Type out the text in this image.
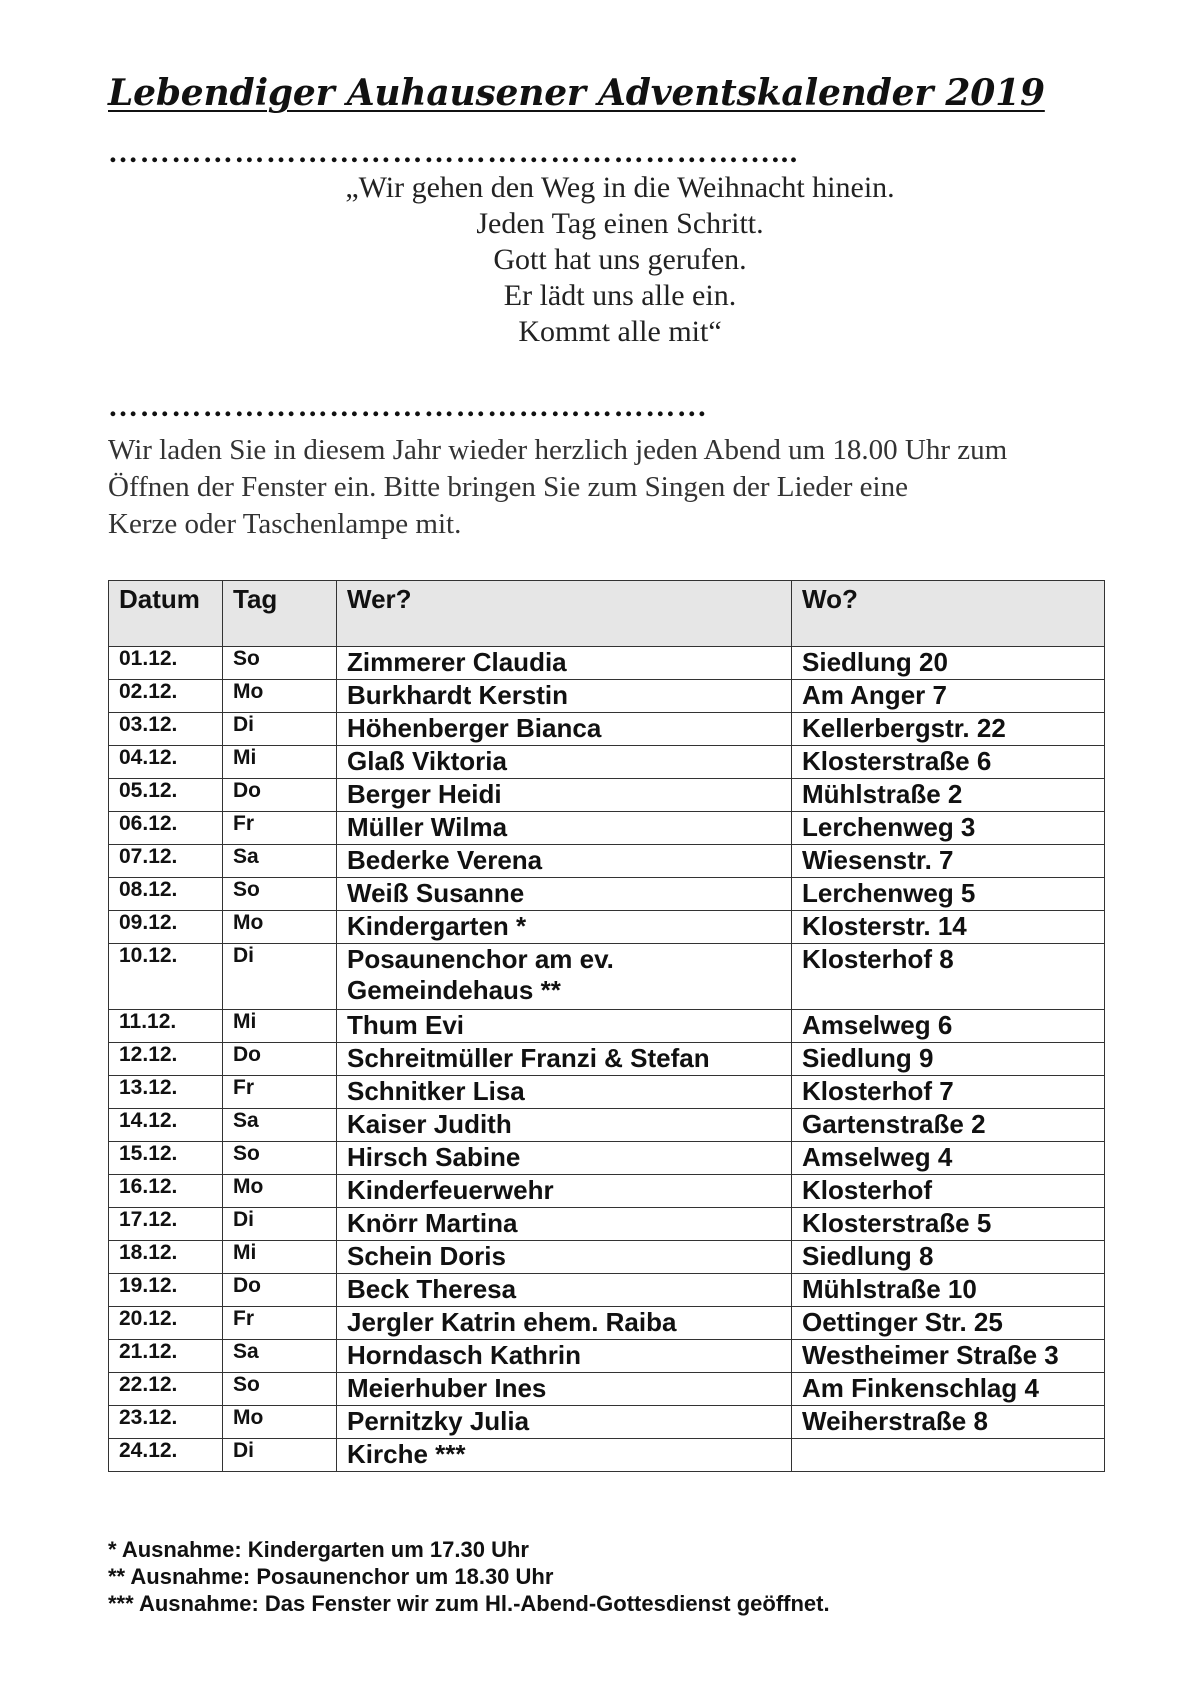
Lebendiger Auhausener Adventskalender 2019
………………………………………………………...
„Wir gehen den Weg in die Weihnacht hinein.
Jeden Tag einen Schritt.
Gott hat uns gerufen.
Er lädt uns alle ein.
Kommt alle mit“
…………………………………………………
Wir laden Sie in diesem Jahr wieder herzlich jeden Abend um 18.00 Uhr zum
Öffnen der Fenster ein. Bitte bringen Sie zum Singen der Lieder eine
Kerze oder Taschenlampe mit.
Datum	Tag	Wer?	Wo?
01.12.	So	Zimmerer Claudia	Siedlung 20
02.12.	Mo	Burkhardt Kerstin	Am Anger 7
03.12.	Di	Höhenberger Bianca	Kellerbergstr. 22
04.12.	Mi	Glaß Viktoria	Klosterstraße 6
05.12.	Do	Berger Heidi	Mühlstraße 2
06.12.	Fr	Müller Wilma	Lerchenweg 3
07.12.	Sa	Bederke Verena	Wiesenstr. 7
08.12.	So	Weiß Susanne	Lerchenweg 5
09.12.	Mo	Kindergarten *	Klosterstr. 14
10.12.	Di	Posaunenchor am ev. Gemeindehaus **	Klosterhof 8
11.12.	Mi	Thum Evi	Amselweg 6
12.12.	Do	Schreitmüller Franzi & Stefan	Siedlung 9
13.12.	Fr	Schnitker Lisa	Klosterhof 7
14.12.	Sa	Kaiser Judith	Gartenstraße 2
15.12.	So	Hirsch Sabine	Amselweg 4
16.12.	Mo	Kinderfeuerwehr	Klosterhof
17.12.	Di	Knörr Martina	Klosterstraße 5
18.12.	Mi	Schein Doris	Siedlung 8
19.12.	Do	Beck Theresa	Mühlstraße 10
20.12.	Fr	Jergler Katrin ehem. Raiba	Oettinger Str. 25
21.12.	Sa	Horndasch Kathrin	Westheimer Straße 3
22.12.	So	Meierhuber Ines	Am Finkenschlag 4
23.12.	Mo	Pernitzky Julia	Weiherstraße 8
24.12.	Di	Kirche ***	
* Ausnahme: Kindergarten um 17.30 Uhr
** Ausnahme: Posaunenchor um 18.30 Uhr
*** Ausnahme: Das Fenster wir zum Hl.-Abend-Gottesdienst geöffnet.
